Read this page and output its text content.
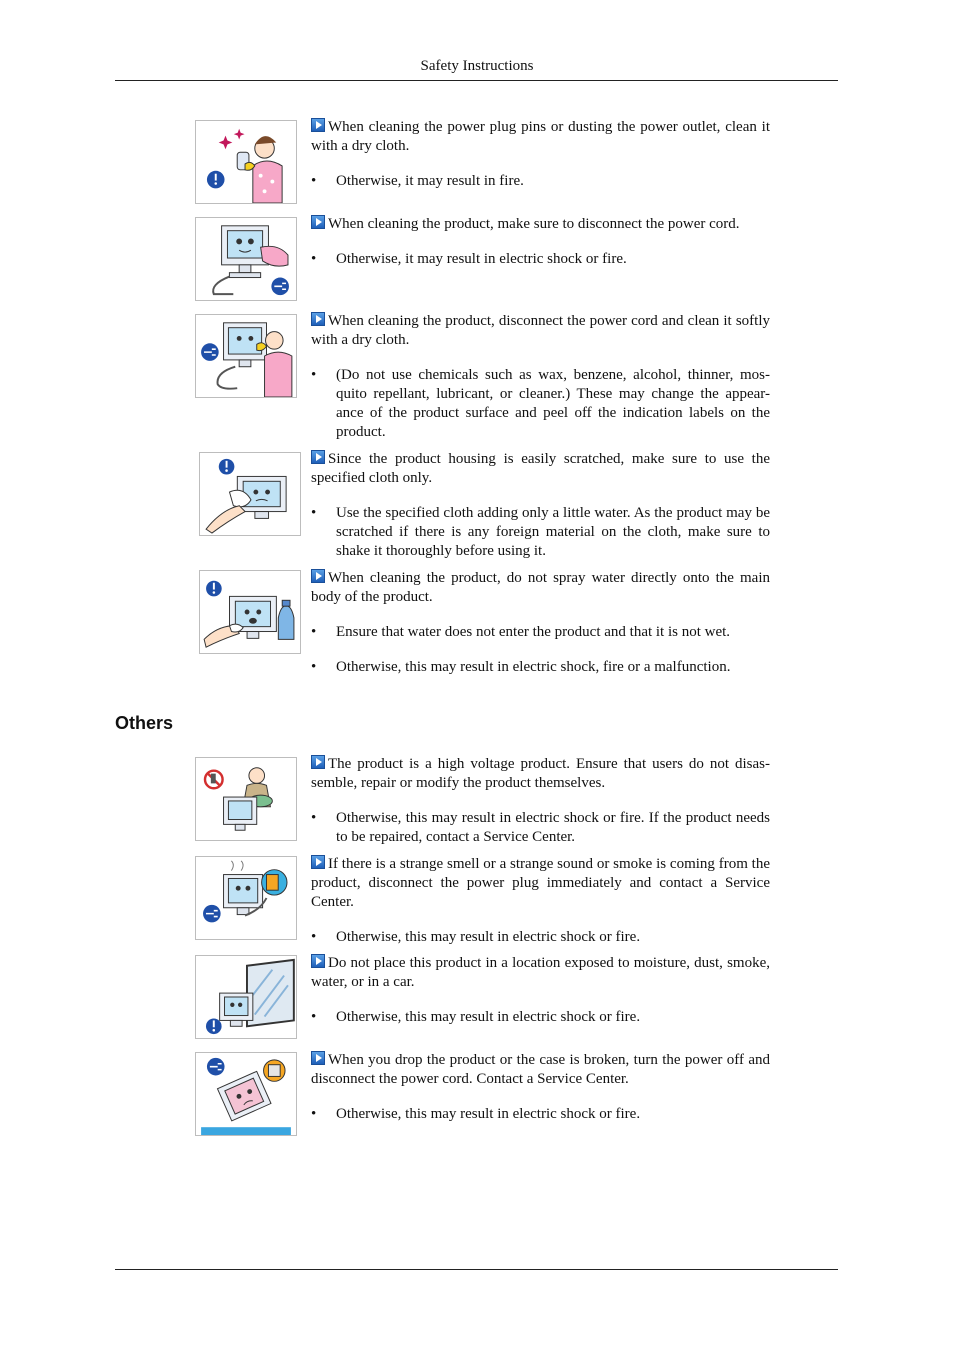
Safety Instructions

When cleaning the power plug pins or dusting the power outlet, clean it with a dry cloth.

• Otherwise, it may result in fire.

When cleaning the product, make sure to disconnect the power cord.

• Otherwise, it may result in electric shock or fire.

When cleaning the product, disconnect the power cord and clean it softly with a dry cloth.

• (Do not use chemicals such as wax, benzene, alcohol, thinner, mos-quito repellant, lubricant, or cleaner.) These may change the appear-ance of the product surface and peel off the indication labels on the product.

Since the product housing is easily scratched, make sure to use the specified cloth only.

• Use the specified cloth adding only a little water. As the product may be scratched if there is any foreign material on the cloth, make sure to shake it thoroughly before using it.

When cleaning the product, do not spray water directly onto the main body of the product.

• Ensure that water does not enter the product and that it is not wet.
• Otherwise, this may result in electric shock, fire or a malfunction.
Others

The product is a high voltage product. Ensure that users do not disas-semble, repair or modify the product themselves.

• Otherwise, this may result in electric shock or fire. If the product needs to be repaired, contact a Service Center.

If there is a strange smell or a strange sound or smoke is coming from the product, disconnect the power plug immediately and contact a Service Center.

• Otherwise, this may result in electric shock or fire.

Do not place this product in a location exposed to moisture, dust, smoke, water, or in a car.

• Otherwise, this may result in electric shock or fire.

When you drop the product or the case is broken, turn the power off and disconnect the power cord. Contact a Service Center.

• Otherwise, this may result in electric shock or fire.
